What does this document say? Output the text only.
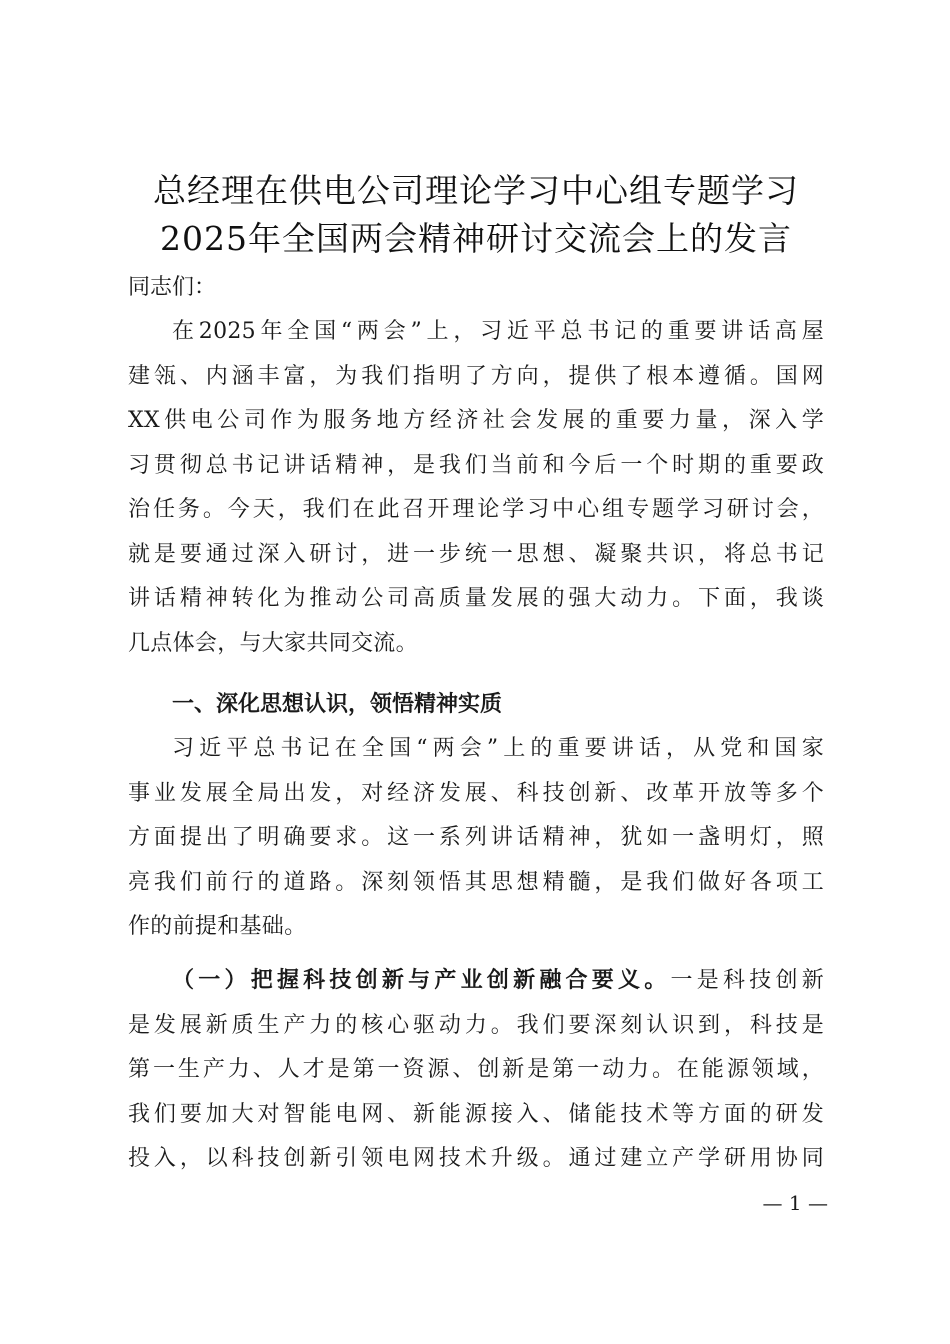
总经理在供电公司理论学习中心组专题学习
2025年全国两会精神研讨交流会上的发言
同志们：
在2025年全国“两会”上，习近平总书记的重要讲话高屋
建瓴、内涵丰富，为我们指明了方向，提供了根本遵循。国网
XX供电公司作为服务地方经济社会发展的重要力量，深入学
习贯彻总书记讲话精神，是我们当前和今后一个时期的重要政
治任务。今天，我们在此召开理论学习中心组专题学习研讨会，
就是要通过深入研讨，进一步统一思想、凝聚共识，将总书记
讲话精神转化为推动公司高质量发展的强大动力。下面，我谈
几点体会，与大家共同交流。
一、深化思想认识，领悟精神实质
习近平总书记在全国“两会”上的重要讲话，从党和国家
事业发展全局出发，对经济发展、科技创新、改革开放等多个
方面提出了明确要求。这一系列讲话精神，犹如一盏明灯，照
亮我们前行的道路。深刻领悟其思想精髓，是我们做好各项工
作的前提和基础。
（一）把握科技创新与产业创新融合要义。一是科技创新
是发展新质生产力的核心驱动力。我们要深刻认识到，科技是
第一生产力、人才是第一资源、创新是第一动力。在能源领域，
我们要加大对智能电网、新能源接入、储能技术等方面的研发
投入，以科技创新引领电网技术升级。通过建立产学研用协同
— 1 —
